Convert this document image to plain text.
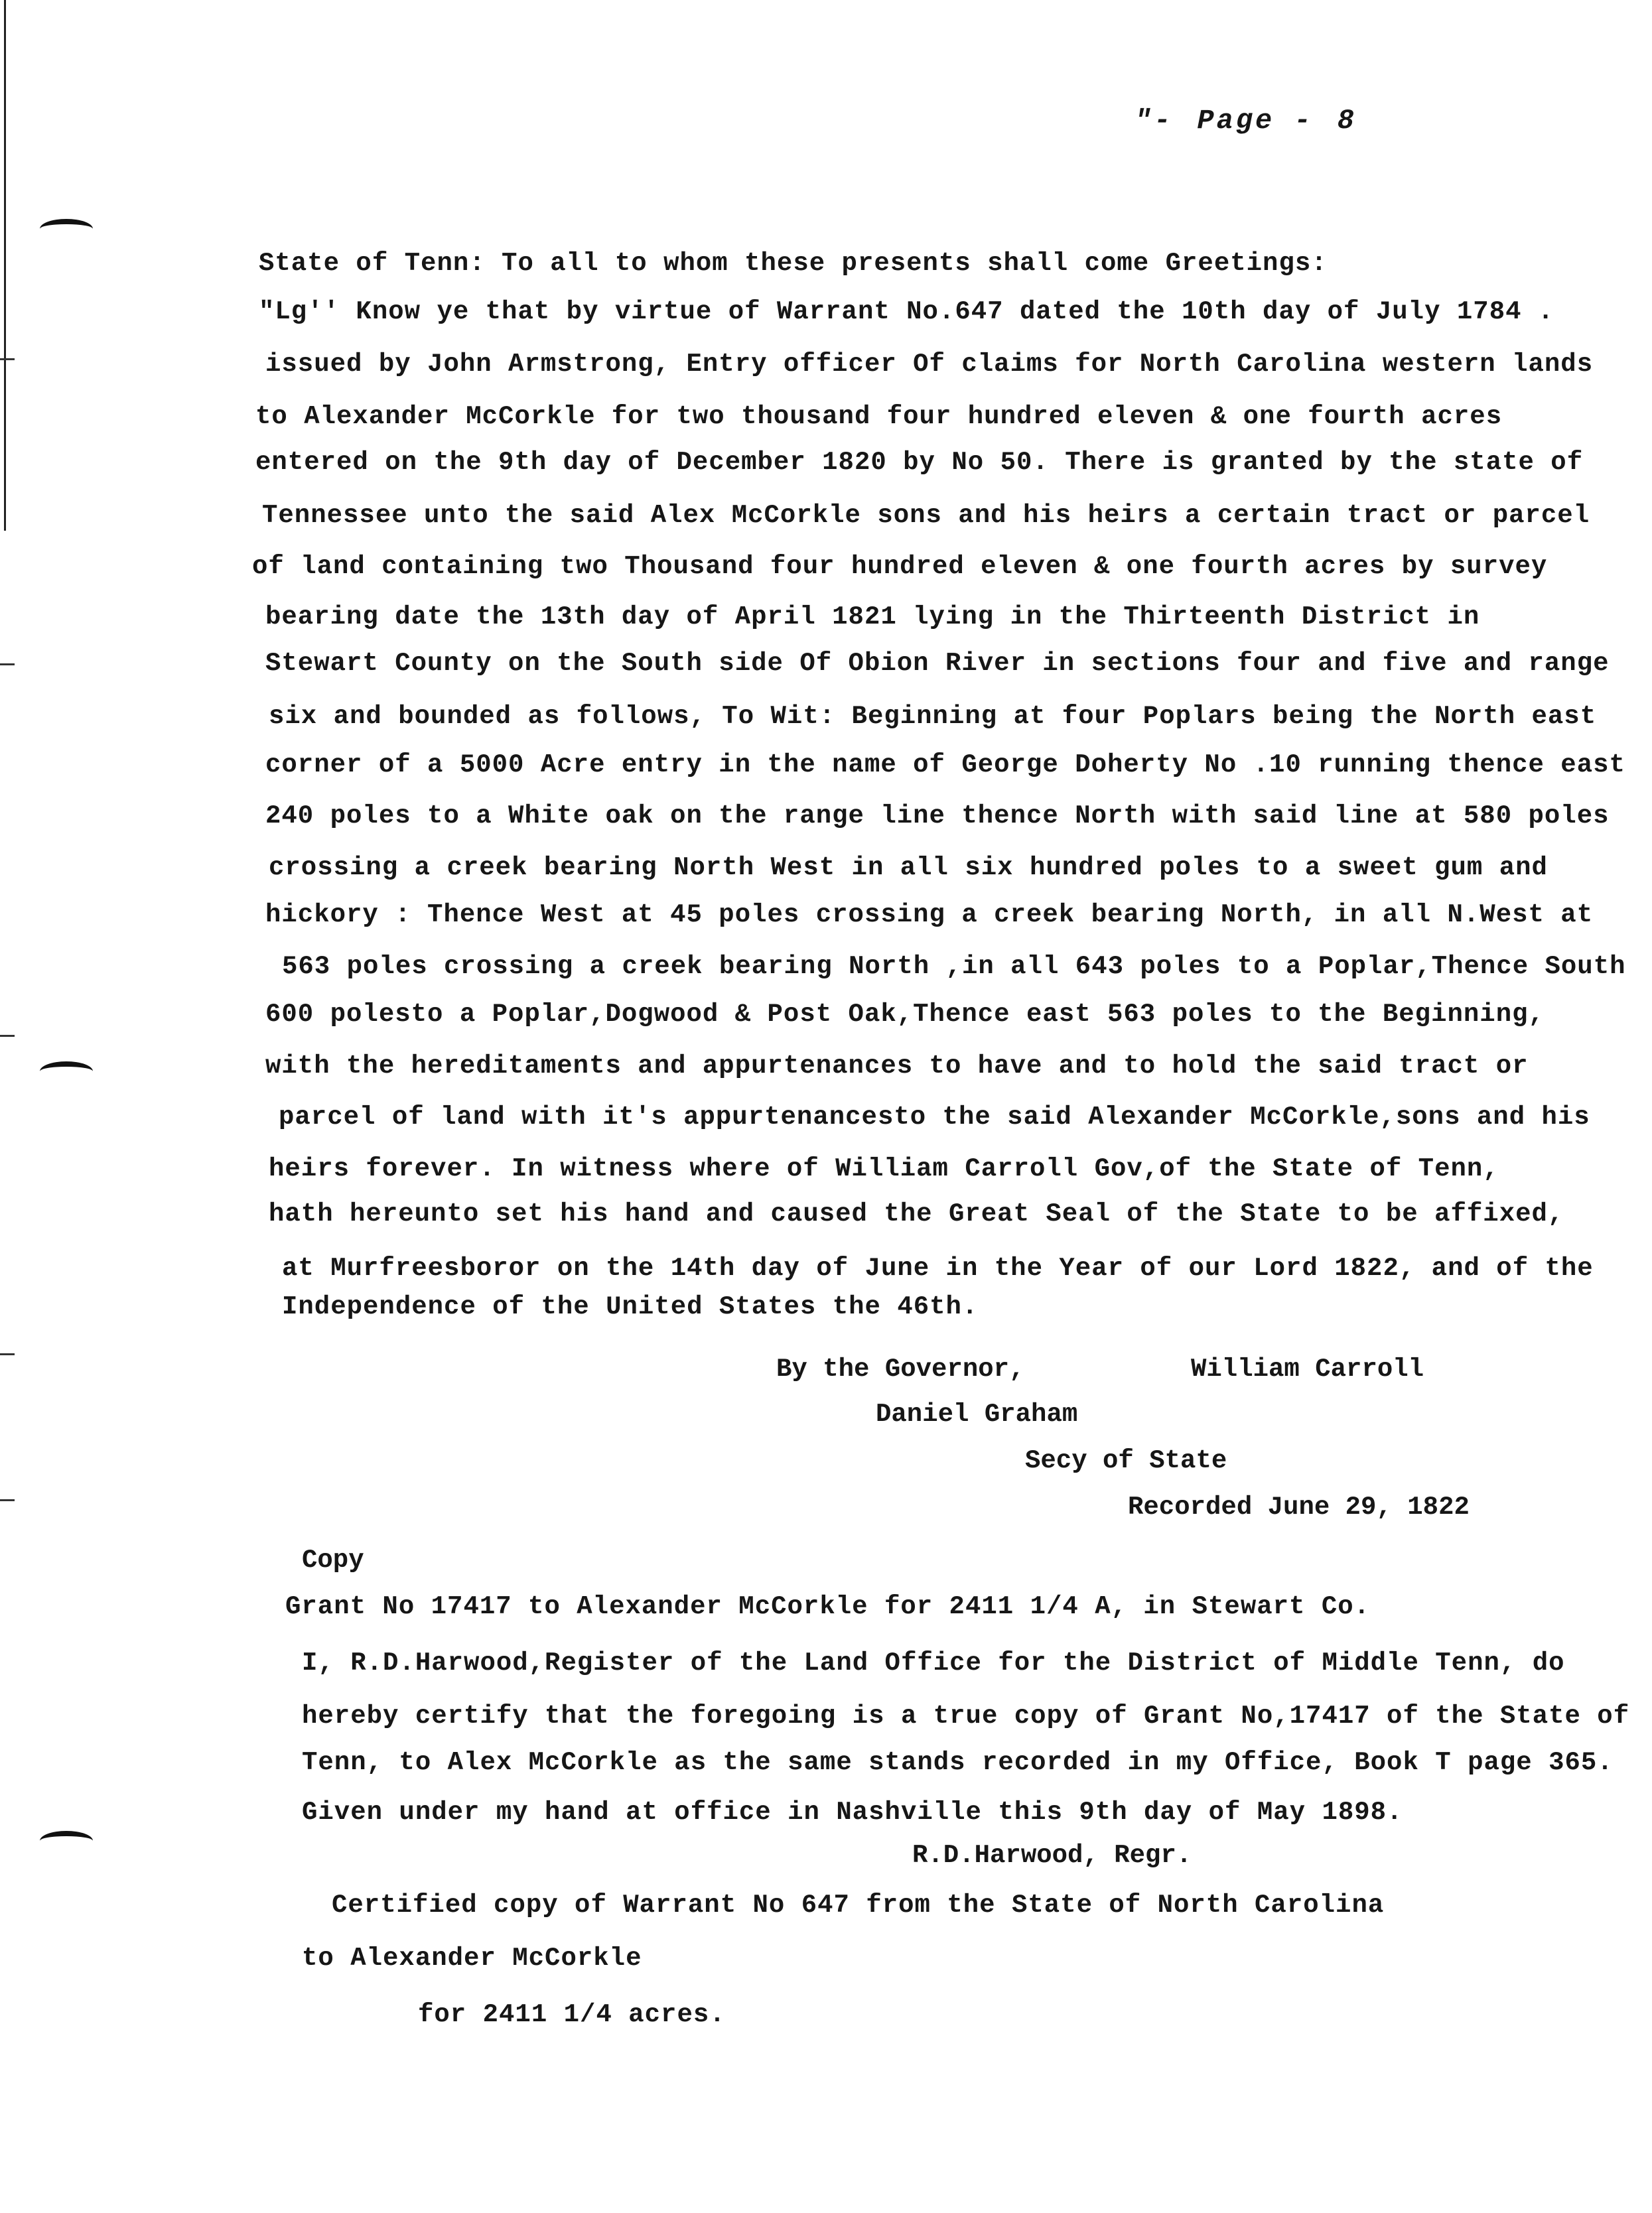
"- Page - 8
State of Tenn: To all to whom these presents shall come Greetings:
"Lg'' Know ye that by virtue of Warrant No.647 dated the 10th day of July 1784 .
issued by John Armstrong, Entry officer Of claims for North Carolina western lands
to Alexander McCorkle for two thousand four hundred eleven & one fourth acres
entered on the 9th day of December 1820 by No 50. There is granted by the state of
Tennessee unto the said Alex McCorkle sons and his heirs a certain tract or parcel
of land containing two Thousand four hundred eleven & one fourth acres by survey
bearing date the 13th day of April 1821 lying in the Thirteenth District in
Stewart County on the South side Of Obion River in sections four and five and range
six and bounded as follows, To Wit: Beginning at four Poplars being the North east
corner of a 5000 Acre entry in the name of George Doherty No .10 running thence east
240 poles to a White oak on the range line thence North with said line at 580 poles
crossing a creek bearing North West in all six hundred poles to a sweet gum and
hickory : Thence West at 45 poles crossing a creek bearing North, in all N.West at
563 poles crossing a creek bearing North ,in all 643 poles to a Poplar,Thence South
600 polesto a Poplar,Dogwood & Post Oak,Thence east 563 poles to the Beginning,
with the hereditaments and appurtenances to have and to hold the said tract or
parcel of land with it's appurtenancesto the said Alexander McCorkle,sons and his
heirs forever. In witness where of William Carroll Gov,of the State of Tenn,
hath hereunto set his hand and caused the Great Seal of the State to be affixed,
at Murfreesboror on the 14th day of June in the Year of our Lord 1822, and of the
Independence of the United States the 46th.
By the Governor,	William Carroll
Daniel Graham
Secy of State
Recorded June 29, 1822
Copy
Grant No 17417 to Alexander McCorkle for 2411 1/4 A, in Stewart Co.
I, R.D.Harwood,Register of the Land Office for the District of Middle Tenn, do
hereby certify that the foregoing is a true copy of Grant No,17417 of the State of
Tenn, to Alex McCorkle as the same stands recorded in my Office, Book T page 365.
Given under my hand at office in Nashville this 9th day of May 1898.
R.D.Harwood, Regr.
Certified copy of Warrant No 647 from the State of North Carolina
to Alexander McCorkle
for 2411 1/4 acres.
